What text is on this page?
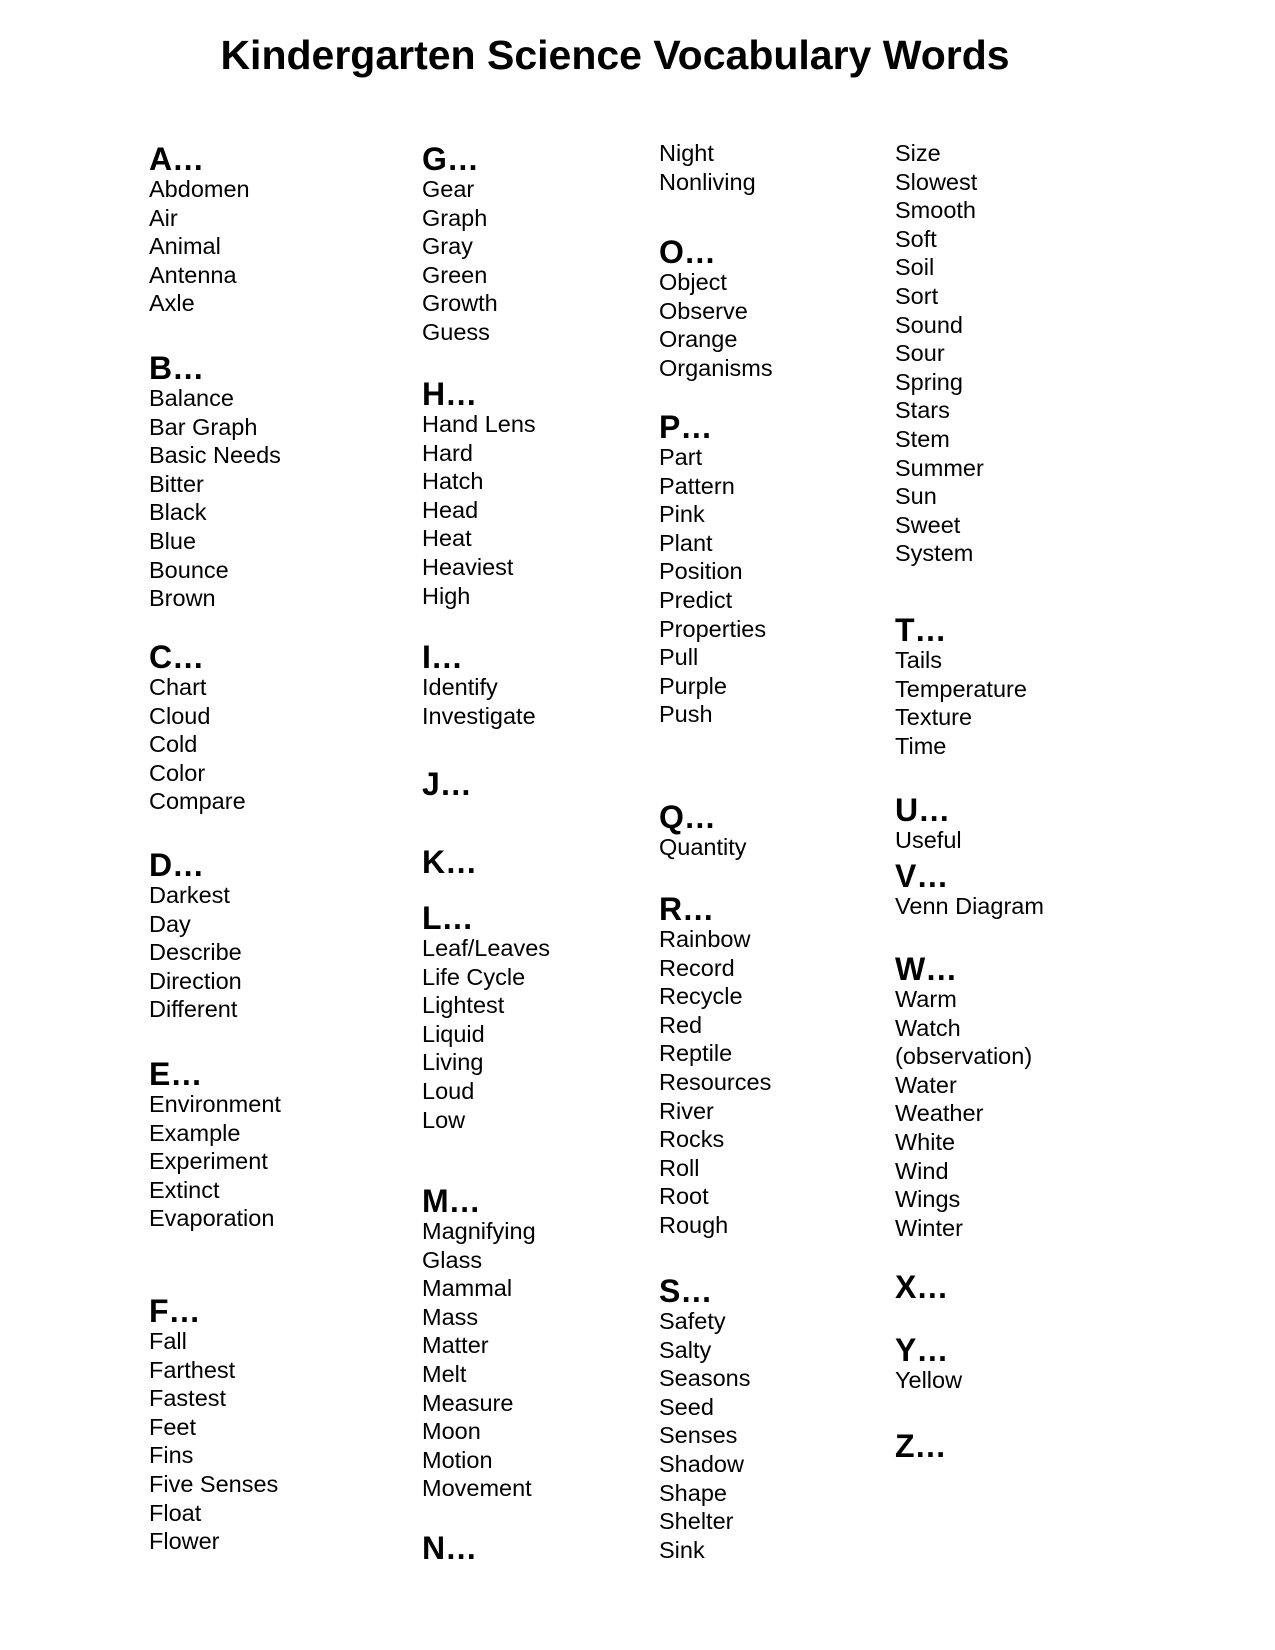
Kindergarten Science Vocabulary Words
A…
Abdomen
Air
Animal
Antenna
Axle
B…
Balance
Bar Graph
Basic Needs
Bitter
Black
Blue
Bounce
Brown
C…
Chart
Cloud
Cold
Color
Compare
D…
Darkest
Day
Describe
Direction
Different
E…
Environment
Example
Experiment
Extinct
Evaporation
F…
Fall
Farthest
Fastest
Feet
Fins
Five Senses
Float
Flower
G…
Gear
Graph
Gray
Green
Growth
Guess
H…
Hand Lens
Hard
Hatch
Head
Heat
Heaviest
High
I…
Identify
Investigate
J…
K…
L…
Leaf/Leaves
Life Cycle
Lightest
Liquid
Living
Loud
Low
M…
Magnifying
Glass
Mammal
Mass
Matter
Melt
Measure
Moon
Motion
Movement
N…
Night
Nonliving
O…
Object
Observe
Orange
Organisms
P…
Part
Pattern
Pink
Plant
Position
Predict
Properties
Pull
Purple
Push
Q…
Quantity
R…
Rainbow
Record
Recycle
Red
Reptile
Resources
River
Rocks
Roll
Root
Rough
S…
Safety
Salty
Seasons
Seed
Senses
Shadow
Shape
Shelter
Sink
Size
Slowest
Smooth
Soft
Soil
Sort
Sound
Sour
Spring
Stars
Stem
Summer
Sun
Sweet
System
T…
Tails
Temperature
Texture
Time
U…
Useful
V…
Venn Diagram
W…
Warm
Watch
(observation)
Water
Weather
White
Wind
Wings
Winter
X…
Y…
Yellow
Z…
